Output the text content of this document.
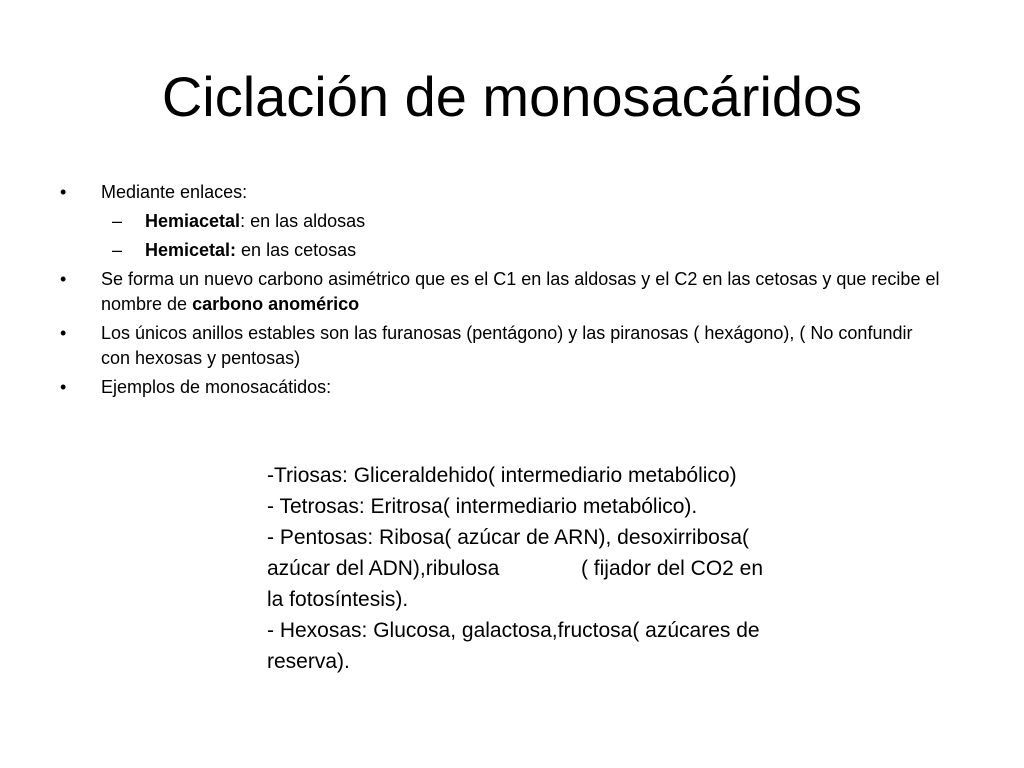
Ciclación de monosacáridos
• Mediante enlaces:
– Hemiacetal: en las aldosas
– Hemicetal: en las cetosas
• Se forma un nuevo carbono asimétrico que es el C1 en las aldosas y el C2 en las cetosas y que recibe el nombre de carbono anomérico
• Los únicos anillos estables son las furanosas (pentágono) y las piranosas ( hexágono), ( No confundir con hexosas y pentosas)
• Ejemplos de monosacátidos:
-Triosas: Gliceraldehido( intermediario metabólico)
- Tetrosas: Eritrosa( intermediario metabólico).
- Pentosas: Ribosa( azúcar de ARN), desoxirribosa(
azúcar del ADN),ribulosa              ( fijador del CO2 en
la fotosíntesis).
- Hexosas: Glucosa, galactosa,fructosa( azúcares de
reserva).
